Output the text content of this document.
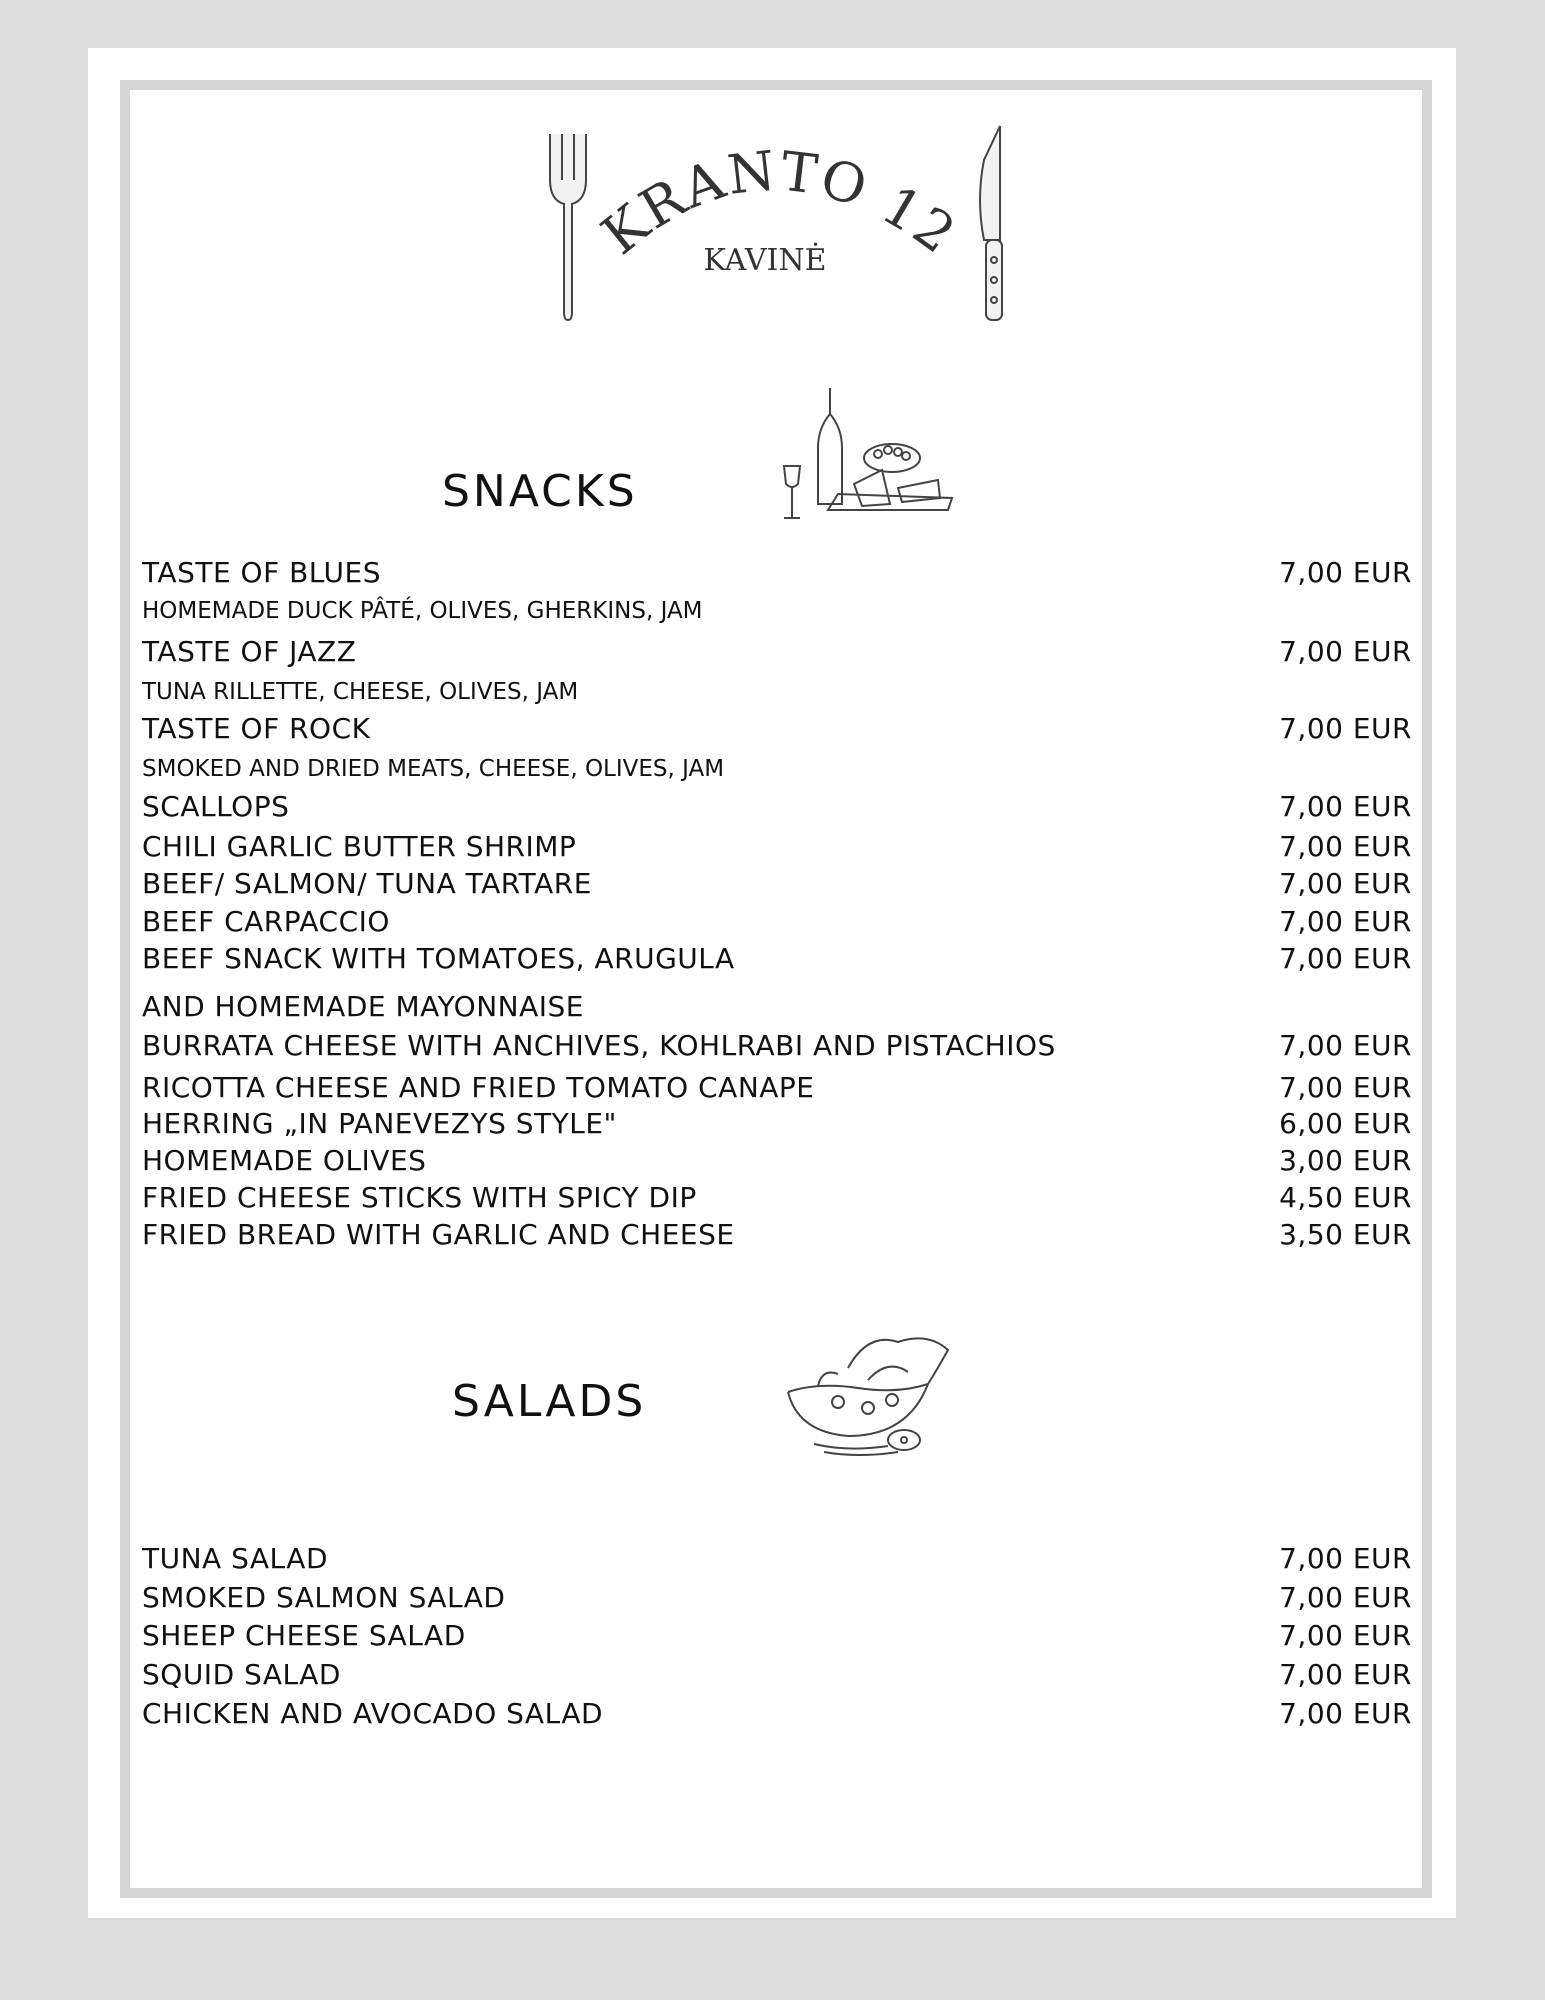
KRANTO 12
KAVINĖ
SNACKS
TASTE OF BLUES	7,00 EUR
HOMEMADE DUCK PÂTÉ, OLIVES, GHERKINS, JAM
TASTE OF JAZZ	7,00 EUR
TUNA RILLETTE, CHEESE, OLIVES, JAM
TASTE OF ROCK	7,00 EUR
SMOKED AND DRIED MEATS, CHEESE, OLIVES, JAM
SCALLOPS	7,00 EUR
CHILI GARLIC BUTTER SHRIMP	7,00 EUR
BEEF/ SALMON/ TUNA TARTARE	7,00 EUR
BEEF CARPACCIO	7,00 EUR
BEEF SNACK WITH TOMATOES, ARUGULA	7,00 EUR
AND HOMEMADE MAYONNAISE
BURRATA CHEESE WITH ANCHIVES, KOHLRABI AND PISTACHIOS	7,00 EUR
RICOTTA CHEESE AND FRIED TOMATO CANAPE	7,00 EUR
HERRING „IN PANEVEZYS STYLE"	6,00 EUR
HOMEMADE OLIVES	3,00 EUR
FRIED CHEESE STICKS WITH SPICY DIP	4,50 EUR
FRIED BREAD WITH GARLIC AND CHEESE	3,50 EUR
SALADS
TUNA SALAD	7,00 EUR
SMOKED SALMON SALAD	7,00 EUR
SHEEP CHEESE SALAD	7,00 EUR
SQUID SALAD	7,00 EUR
CHICKEN AND AVOCADO SALAD	7,00 EUR
